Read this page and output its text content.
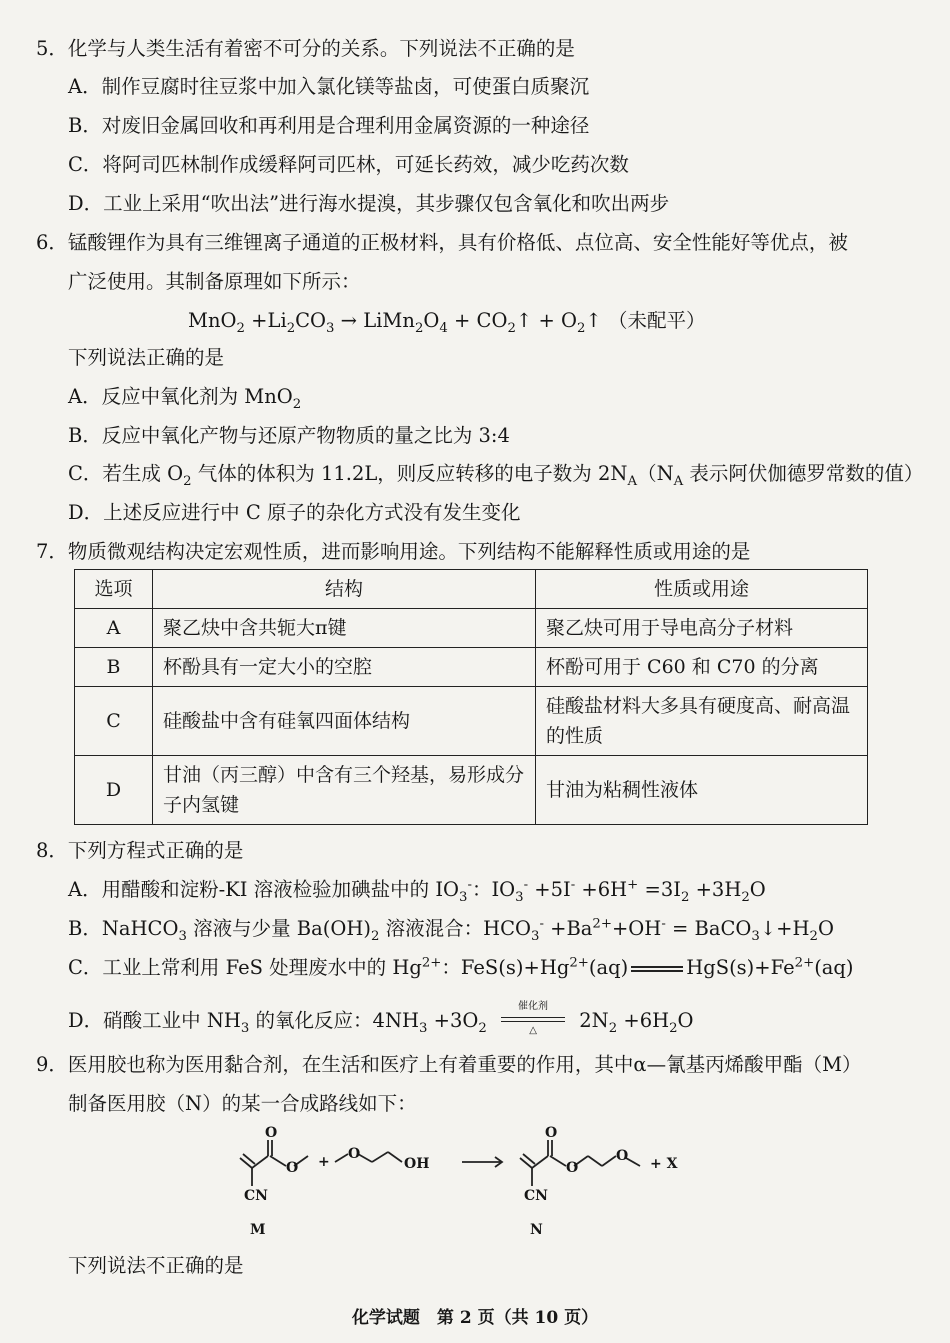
5．化学与人类生活有着密不可分的关系。下列说法不正确的是
A．制作豆腐时往豆浆中加入氯化镁等盐卤，可使蛋白质聚沉
B．对废旧金属回收和再利用是合理利用金属资源的一种途径
C．将阿司匹林制作成缓释阿司匹林，可延长药效，减少吃药次数
D．工业上采用“吹出法”进行海水提溴，其步骤仅包含氧化和吹出两步
6．锰酸锂作为具有三维锂离子通道的正极材料，具有价格低、点位高、安全性能好等优点，被
广泛使用。其制备原理如下所示：
$MnO_2 +Li_2CO_3$ → $LiMn_2O_4$ + $CO_2↑$ + $O_2↑$ （未配平）
下列说法正确的是
A．反应中氧化剂为 MnO$_2$
B．反应中氧化产物与还原产物物质的量之比为 3:4
C．若生成 $O_2$ 气体的体积为 11.2L，则反应转移的电子数为 $2N_A(N_A$ 表示阿伏伽德罗常数的值）
D．上述反应进行中 C 原子的杂化方式没有发生变化
7．物质微观结构决定宏观性质，进而影响用途。下列结构不能解释性质或用途的是
选项	结构	性质或用途
A	聚乙炔中含共轭大π键	聚乙炔可用于导电高分子材料
B	杯酚具有一定大小的空腔	杯酚可用于 C60 和 C70 的分离
C	硅酸盐中含有硅氧四面体结构	硅酸盐材料大多具有硬度高、耐高温的性质
D	甘油（丙三醇）中含有三个羟基，易形成分子内氢键	甘油为粘稠性液体
8．下列方程式正确的是
A．用醋酸和淀粉-KI 溶液检验加碘盐中的 $IO_3^-$：$IO_3^- +5I^- +6H^+ =3I_2 +3H_2O$
B．NaHCO$_3$ 溶液与少量 $Ba(OH)_2$ 溶液混合：$HCO_3^- +Ba^{2+}+OH^-$ = $BaCO_3↓+H_2O$
C．工业上常利用 FeS 处理废水中的 $Hg^{2+}$：$FeS(s)+Hg^{2+}(aq)$	$HgS(s)+Fe^{2+}(aq)$
D．硝酸工业中 $NH_3$ 的氧化反应：$4NH_3 +3O_2$
催化剂
△	$2N_2 +6H_2O$
9．医用胶也称为医用黏合剂，在生活和医疗上有着重要的作用，其中α—氰基丙烯酸甲酯（M）
制备医用胶（N）的某一合成路线如下：
O
O
CN
M
+ O
OH
O
O
O
CN
N
+ X
下列说法不正确的是
化学试题　第 2 页（共 10 页）
